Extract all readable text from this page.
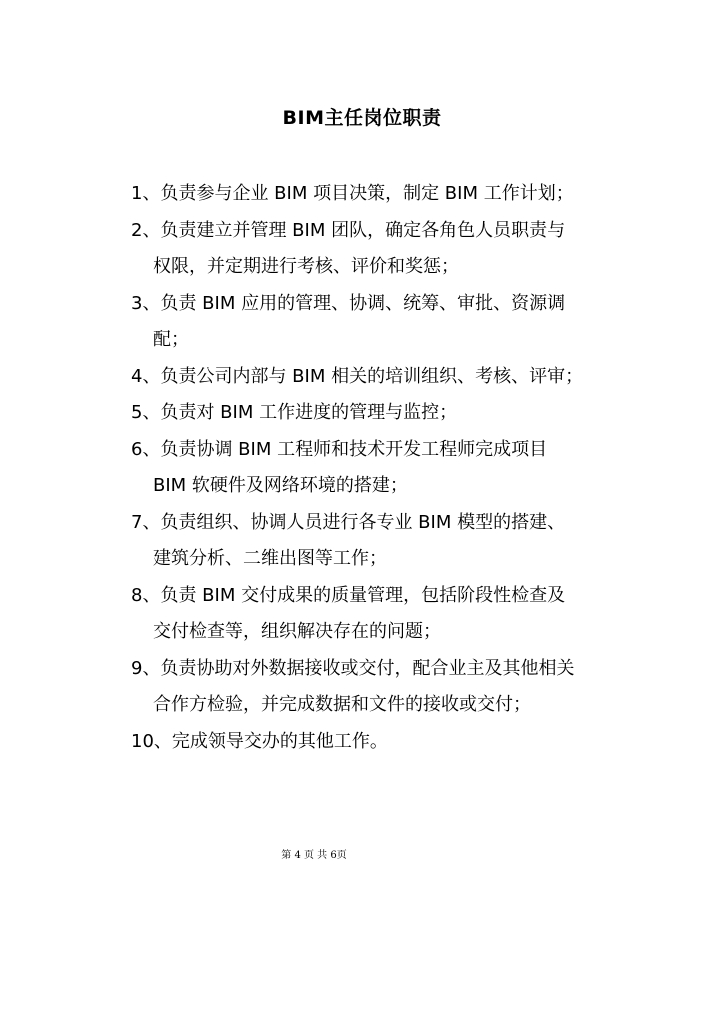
BIM主任岗位职责
1、负责参与企业 BIM 项目决策，制定 BIM 工作计划；
2、负责建立并管理 BIM 团队，确定各角色人员职责与
权限，并定期进行考核、评价和奖惩；
3、负责 BIM 应用的管理、协调、统筹、审批、资源调
配；
4、负责公司内部与 BIM 相关的培训组织、考核、评审；
5、负责对 BIM 工作进度的管理与监控；
6、负责协调 BIM 工程师和技术开发工程师完成项目
BIM 软硬件及网络环境的搭建；
7、负责组织、协调人员进行各专业 BIM 模型的搭建、
建筑分析、二维出图等工作；
8、负责 BIM 交付成果的质量管理，包括阶段性检查及
交付检查等，组织解决存在的问题；
9、负责协助对外数据接收或交付，配合业主及其他相关
合作方检验，并完成数据和文件的接收或交付；
10、完成领导交办的其他工作。
第 4 页 共 6页
